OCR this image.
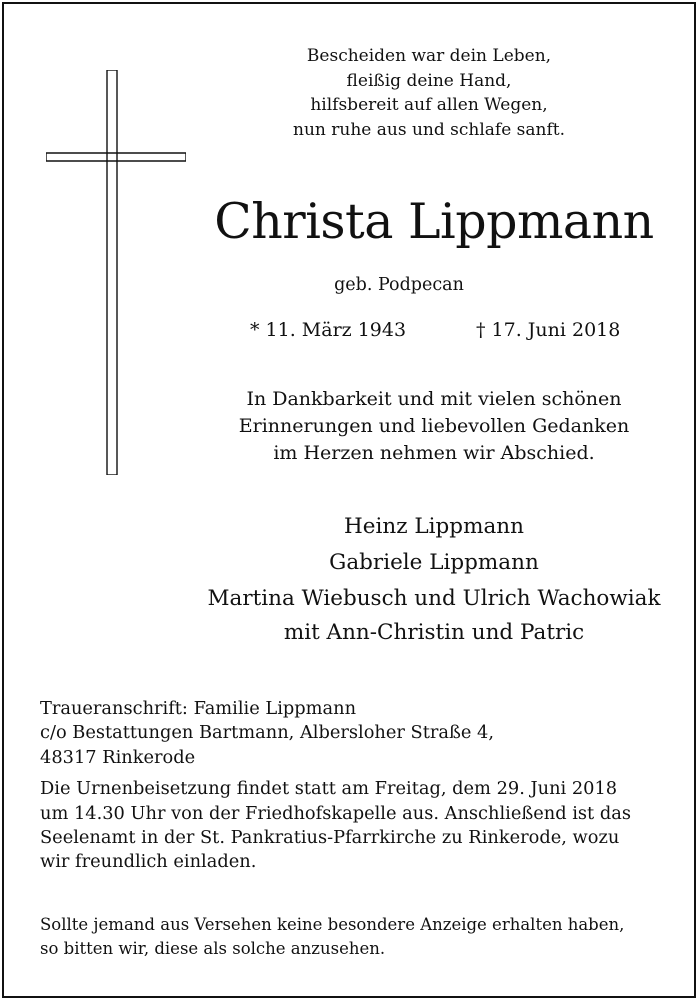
Bescheiden war dein Leben,
fleißig deine Hand,
hilfsbereit auf allen Wegen,
nun ruhe aus und schlafe sanft.
Christa Lippmann
geb. Podpecan
* 11. März 1943	† 17. Juni 2018
In Dankbarkeit und mit vielen schönen
Erinnerungen und liebevollen Gedanken
im Herzen nehmen wir Abschied.
Heinz Lippmann
Gabriele Lippmann
Martina Wiebusch und Ulrich Wachowiak
mit Ann-Christin und Patric
Traueranschrift: Familie Lippmann
c/o Bestattungen Bartmann, Albersloher Straße 4,
48317 Rinkerode
Die Urnenbeisetzung findet statt am Freitag, dem 29. Juni 2018
um 14.30 Uhr von der Friedhofskapelle aus. Anschließend ist das
Seelenamt in der St. Pankratius-Pfarrkirche zu Rinkerode, wozu
wir freundlich einladen.
Sollte jemand aus Versehen keine besondere Anzeige erhalten haben,
so bitten wir, diese als solche anzusehen.
